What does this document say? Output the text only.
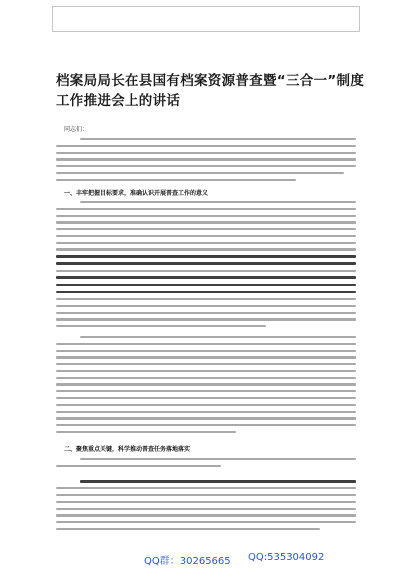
档案局局长在县国有档案资源普查暨“三合一”制度
工作推进会上的讲话
同志们：
一、丰牢把握目标要求，准确认识开展普查工作的意义
二、聚焦重点关键，科学推动普查任务落地落实
QQ群：30265665 QQ:535304092
